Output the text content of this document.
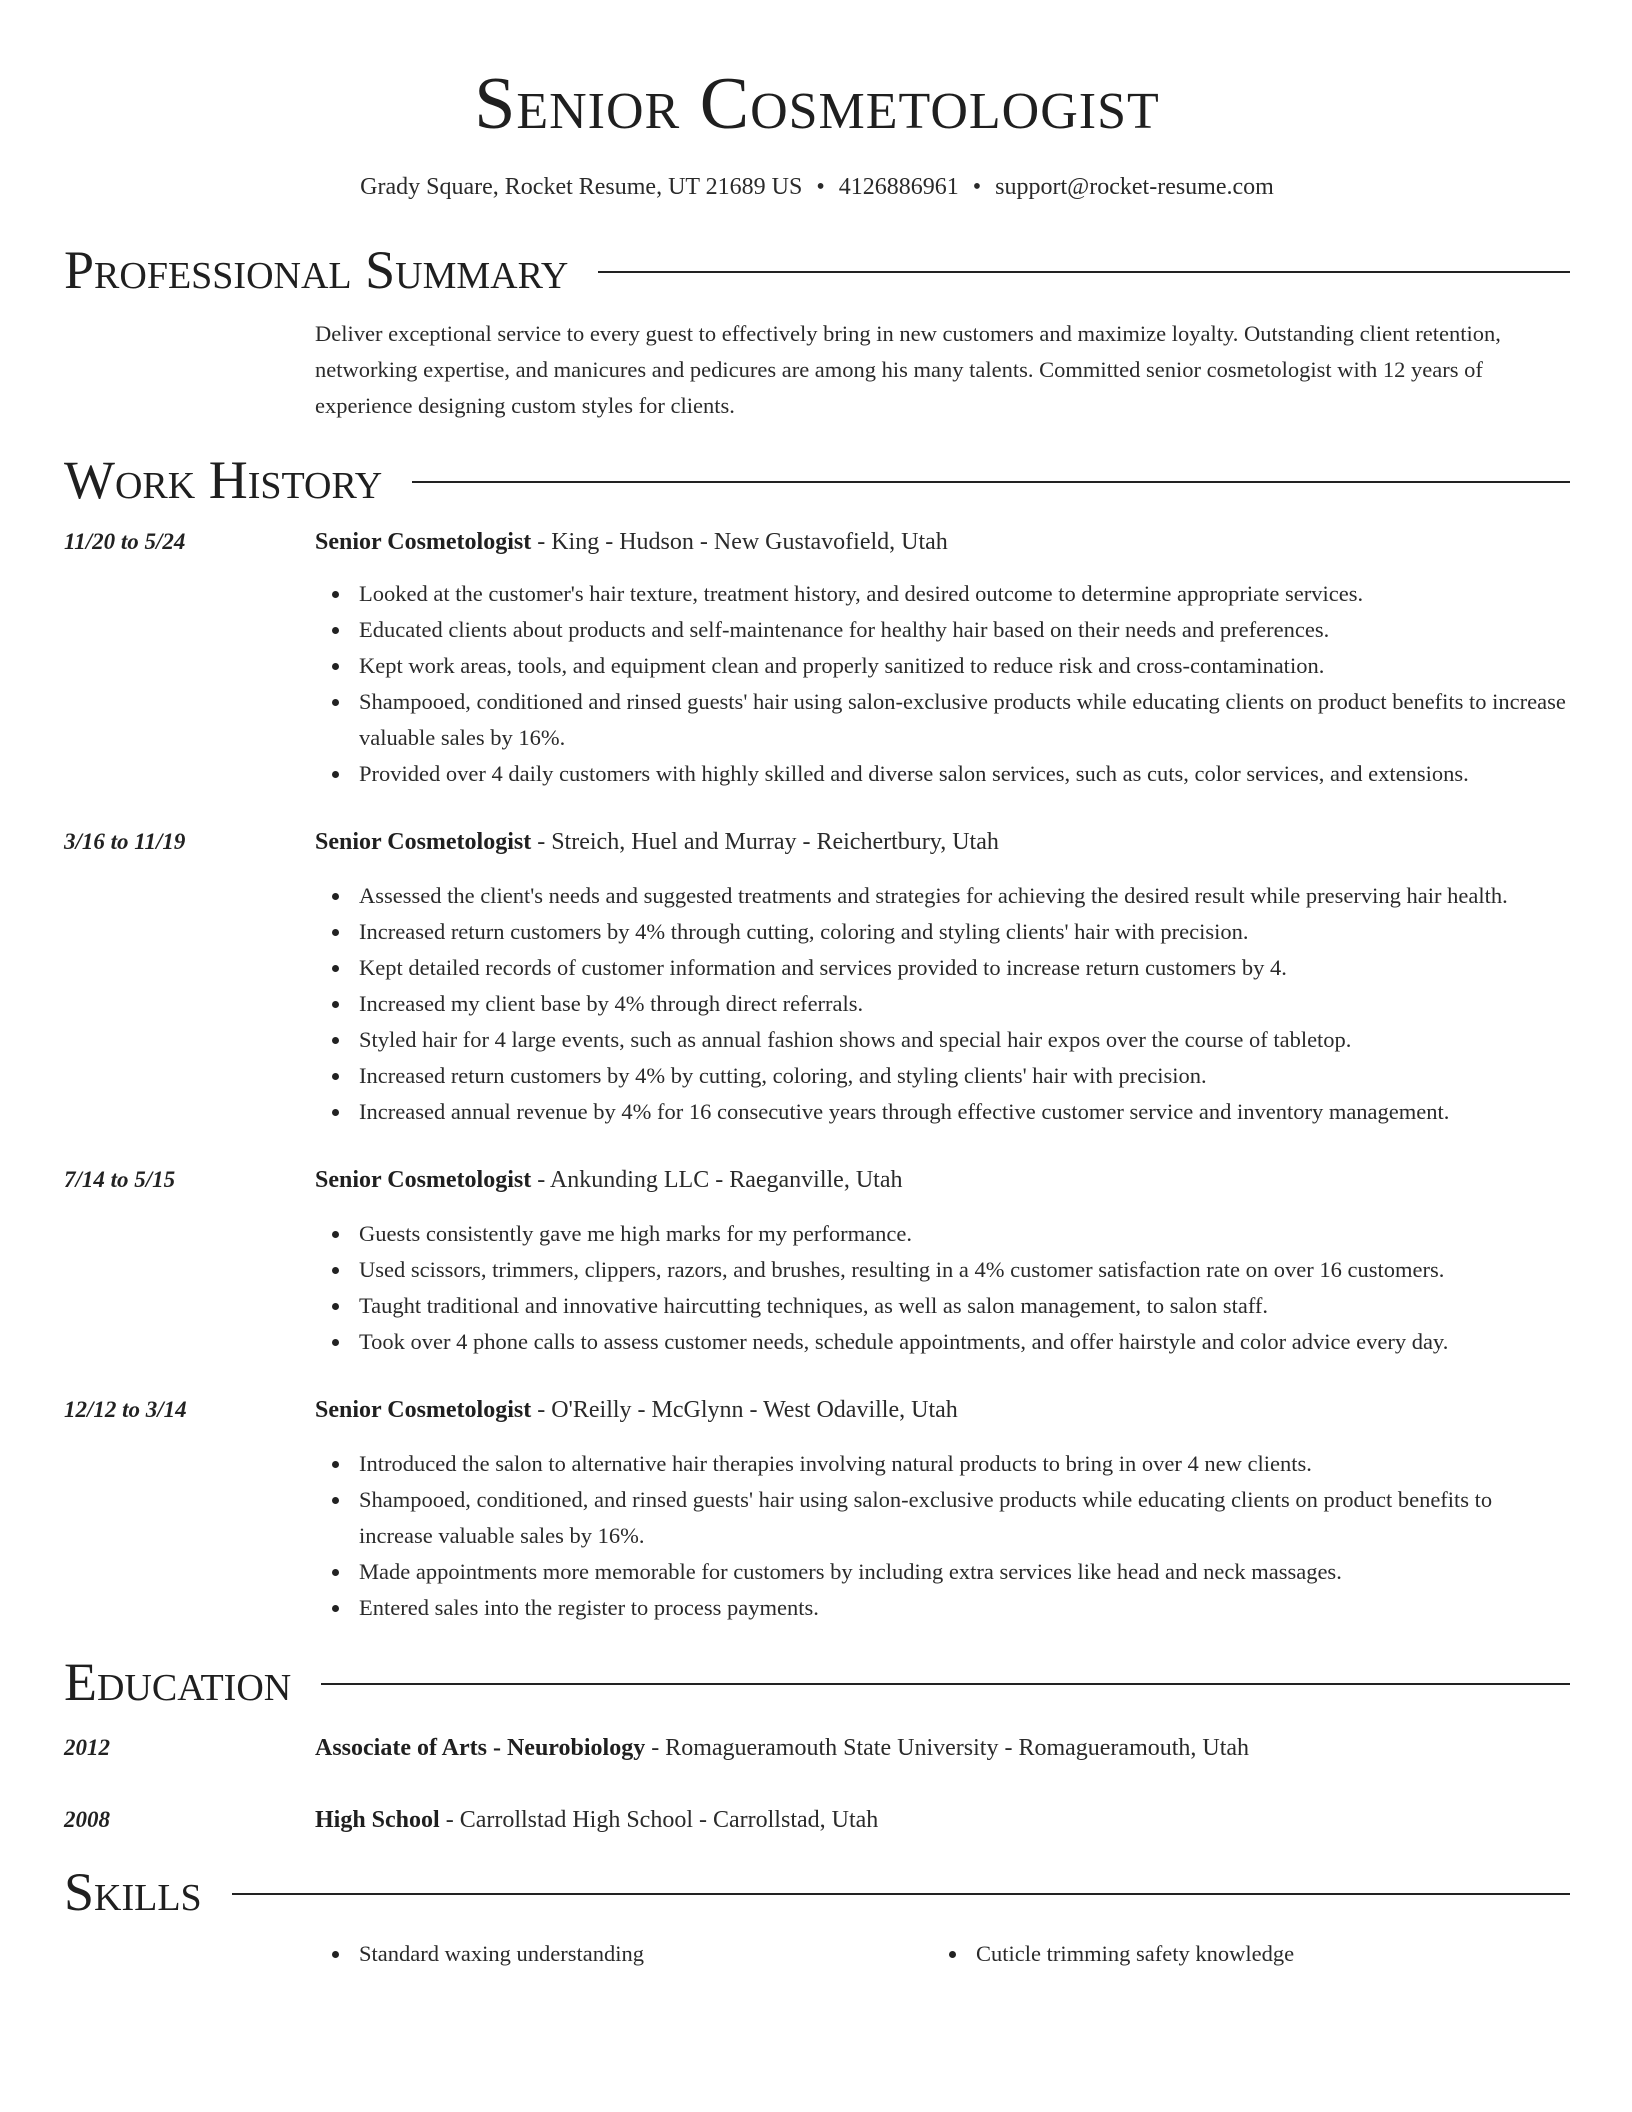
Senior Cosmetologist
Grady Square, Rocket Resume, UT 21689 US • 4126886961 • support@rocket-resume.com
Professional Summary
Deliver exceptional service to every guest to effectively bring in new customers and maximize loyalty. Outstanding client retention, networking expertise, and manicures and pedicures are among his many talents. Committed senior cosmetologist with 12 years of experience designing custom styles for clients.
Work History
11/20 to 5/24	Senior Cosmetologist - King - Hudson - New Gustavofield, Utah
Looked at the customer's hair texture, treatment history, and desired outcome to determine appropriate services.
Educated clients about products and self-maintenance for healthy hair based on their needs and preferences.
Kept work areas, tools, and equipment clean and properly sanitized to reduce risk and cross-contamination.
Shampooed, conditioned and rinsed guests' hair using salon-exclusive products while educating clients on product benefits to increase valuable sales by 16%.
Provided over 4 daily customers with highly skilled and diverse salon services, such as cuts, color services, and extensions.
3/16 to 11/19	Senior Cosmetologist - Streich, Huel and Murray - Reichertbury, Utah
Assessed the client's needs and suggested treatments and strategies for achieving the desired result while preserving hair health.
Increased return customers by 4% through cutting, coloring and styling clients' hair with precision.
Kept detailed records of customer information and services provided to increase return customers by 4.
Increased my client base by 4% through direct referrals.
Styled hair for 4 large events, such as annual fashion shows and special hair expos over the course of tabletop.
Increased return customers by 4% by cutting, coloring, and styling clients' hair with precision.
Increased annual revenue by 4% for 16 consecutive years through effective customer service and inventory management.
7/14 to 5/15	Senior Cosmetologist - Ankunding LLC - Raeganville, Utah
Guests consistently gave me high marks for my performance.
Used scissors, trimmers, clippers, razors, and brushes, resulting in a 4% customer satisfaction rate on over 16 customers.
Taught traditional and innovative haircutting techniques, as well as salon management, to salon staff.
Took over 4 phone calls to assess customer needs, schedule appointments, and offer hairstyle and color advice every day.
12/12 to 3/14	Senior Cosmetologist - O'Reilly - McGlynn - West Odaville, Utah
Introduced the salon to alternative hair therapies involving natural products to bring in over 4 new clients.
Shampooed, conditioned, and rinsed guests' hair using salon-exclusive products while educating clients on product benefits to increase valuable sales by 16%.
Made appointments more memorable for customers by including extra services like head and neck massages.
Entered sales into the register to process payments.
Education
2012	Associate of Arts - Neurobiology - Romagueramouth State University - Romagueramouth, Utah
2008	High School - Carrollstad High School - Carrollstad, Utah
Skills
Standard waxing understanding	Cuticle trimming safety knowledge
